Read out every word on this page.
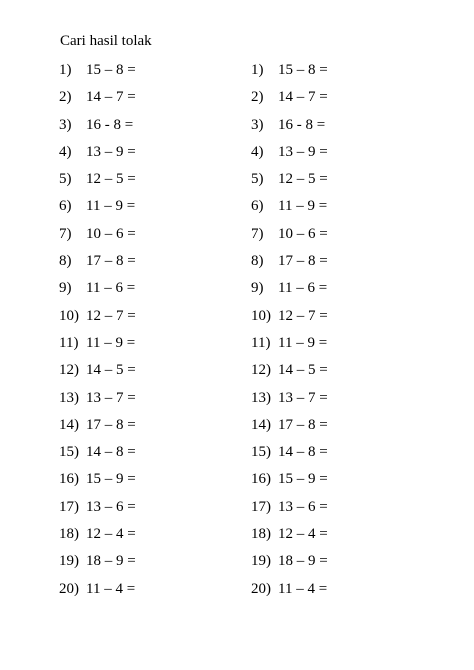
Cari hasil tolak
1) 15 – 8 =
2) 14 – 7 =
3) 16 - 8 =
4) 13 – 9 =
5) 12 – 5 =
6) 11 – 9 =
7) 10 – 6 =
8) 17 – 8 =
9) 11 – 6 =
10) 12 – 7 =
11) 11 – 9 =
12) 14 – 5 =
13) 13 – 7 =
14) 17 – 8 =
15) 14 – 8 =
16) 15 – 9 =
17) 13 – 6 =
18) 12 – 4 =
19) 18 – 9 =
20) 11 – 4 =
1) 15 – 8 =
2) 14 – 7 =
3) 16 - 8 =
4) 13 – 9 =
5) 12 – 5 =
6) 11 – 9 =
7) 10 – 6 =
8) 17 – 8 =
9) 11 – 6 =
10) 12 – 7 =
11) 11 – 9 =
12) 14 – 5 =
13) 13 – 7 =
14) 17 – 8 =
15) 14 – 8 =
16) 15 – 9 =
17) 13 – 6 =
18) 12 – 4 =
19) 18 – 9 =
20) 11 – 4 =
